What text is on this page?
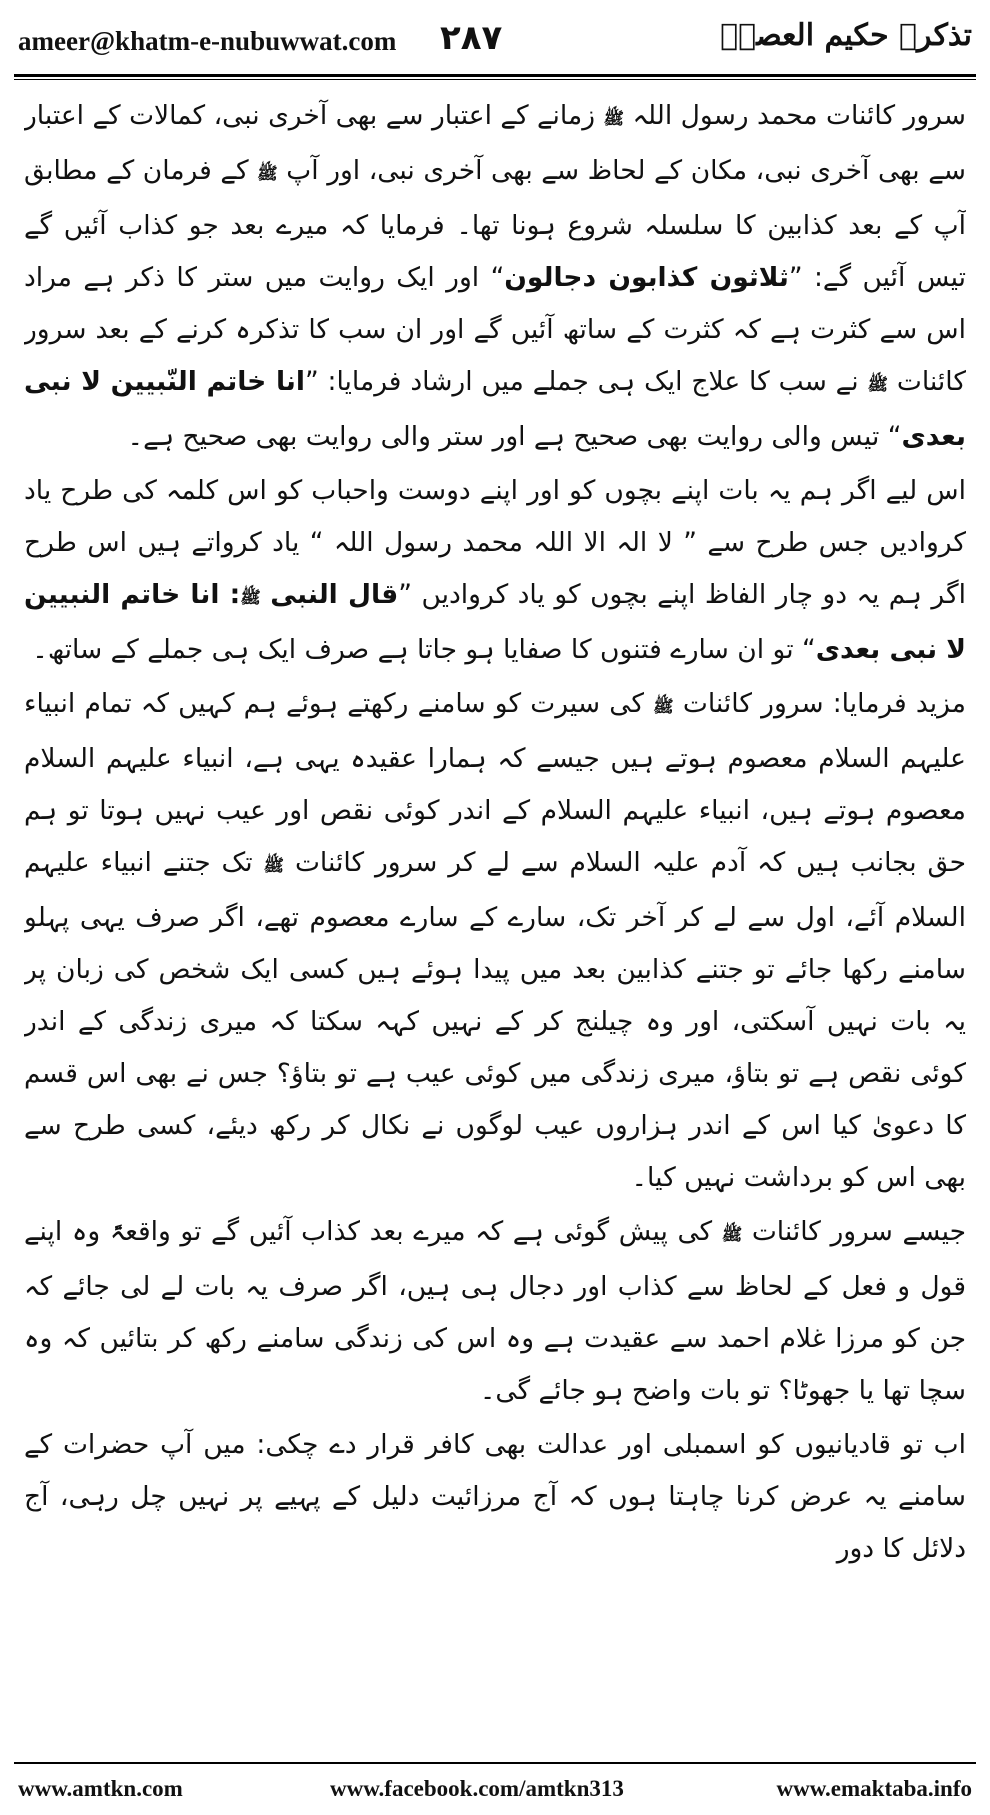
ameer@khatm-e-nubuwwat.com ۲۸۷	تذکرہ حکیم العصرؒ

سرور کائنات محمد رسول اللہ ﷺ زمانے کے اعتبار سے بھی آخری نبی، کمالات کے اعتبار سے بھی آخری نبی، مکان کے لحاظ سے بھی آخری نبی، اور آپ ﷺ کے فرمان کے مطابق آپ کے بعد کذابین کا سلسلہ شروع ہونا تھا۔ فرمایا کہ میرے بعد جو کذاب آئیں گے تیس آئیں گے: ”ثلاثون کذابون دجالون“ اور ایک روایت میں ستر کا ذکر ہے مراد اس سے کثرت ہے کہ کثرت کے ساتھ آئیں گے اور ان سب کا تذکرہ کرنے کے بعد سرور کائنات ﷺ نے سب کا علاج ایک ہی جملے میں ارشاد فرمایا: ”انا خاتم النّبیین لا نبی بعدی“ تیس والی روایت بھی صحیح ہے اور ستر والی روایت بھی صحیح ہے۔

اس لیے اگر ہم یہ بات اپنے بچوں کو اور اپنے دوست واحباب کو اس کلمہ کی طرح یاد کروادیں جس طرح سے ” لا الہ الا اللہ محمد رسول اللہ “ یاد کرواتے ہیں اس طرح اگر ہم یہ دو چار الفاظ اپنے بچوں کو یاد کروادیں ”قال النبی ﷺ: انا خاتم النبیین لا نبی بعدی“ تو ان سارے فتنوں کا صفایا ہو جاتا ہے صرف ایک ہی جملے کے ساتھ۔

مزید فرمایا: سرور کائنات ﷺ کی سیرت کو سامنے رکھتے ہوئے ہم کہیں کہ تمام انبیاء علیہم السلام معصوم ہوتے ہیں جیسے کہ ہمارا عقیدہ یہی ہے، انبیاء علیہم السلام معصوم ہوتے ہیں، انبیاء علیہم السلام کے اندر کوئی نقص اور عیب نہیں ہوتا تو ہم حق بجانب ہیں کہ آدم علیہ السلام سے لے کر سرور کائنات ﷺ تک جتنے انبیاء علیہم السلام آئے، اول سے لے کر آخر تک، سارے کے سارے معصوم تھے، اگر صرف یہی پہلو سامنے رکھا جائے تو جتنے کذابین بعد میں پیدا ہوئے ہیں کسی ایک شخص کی زبان پر یہ بات نہیں آسکتی، اور وہ چیلنج کر کے نہیں کہہ سکتا کہ میری زندگی کے اندر کوئی نقص ہے تو بتاؤ، میری زندگی میں کوئی عیب ہے تو بتاؤ؟ جس نے بھی اس قسم کا دعویٰ کیا اس کے اندر ہزاروں عیب لوگوں نے نکال کر رکھ دیئے، کسی طرح سے بھی اس کو برداشت نہیں کیا۔

جیسے سرور کائنات ﷺ کی پیش گوئی ہے کہ میرے بعد کذاب آئیں گے تو واقعۃً وہ اپنے قول و فعل کے لحاظ سے کذاب اور دجال ہی ہیں، اگر صرف یہ بات لے لی جائے کہ جن کو مرزا غلام احمد سے عقیدت ہے وہ اس کی زندگی سامنے رکھ کر بتائیں کہ وہ سچا تھا یا جھوٹا؟ تو بات واضح ہو جائے گی۔

اب تو قادیانیوں کو اسمبلی اور عدالت بھی کافر قرار دے چکی: میں آپ حضرات کے سامنے یہ عرض کرنا چاہتا ہوں کہ آج مرزائیت دلیل کے پہیے پر نہیں چل رہی، آج دلائل کا دور

www.amtkn.com	www.facebook.com/amtkn313	www.emaktaba.info
